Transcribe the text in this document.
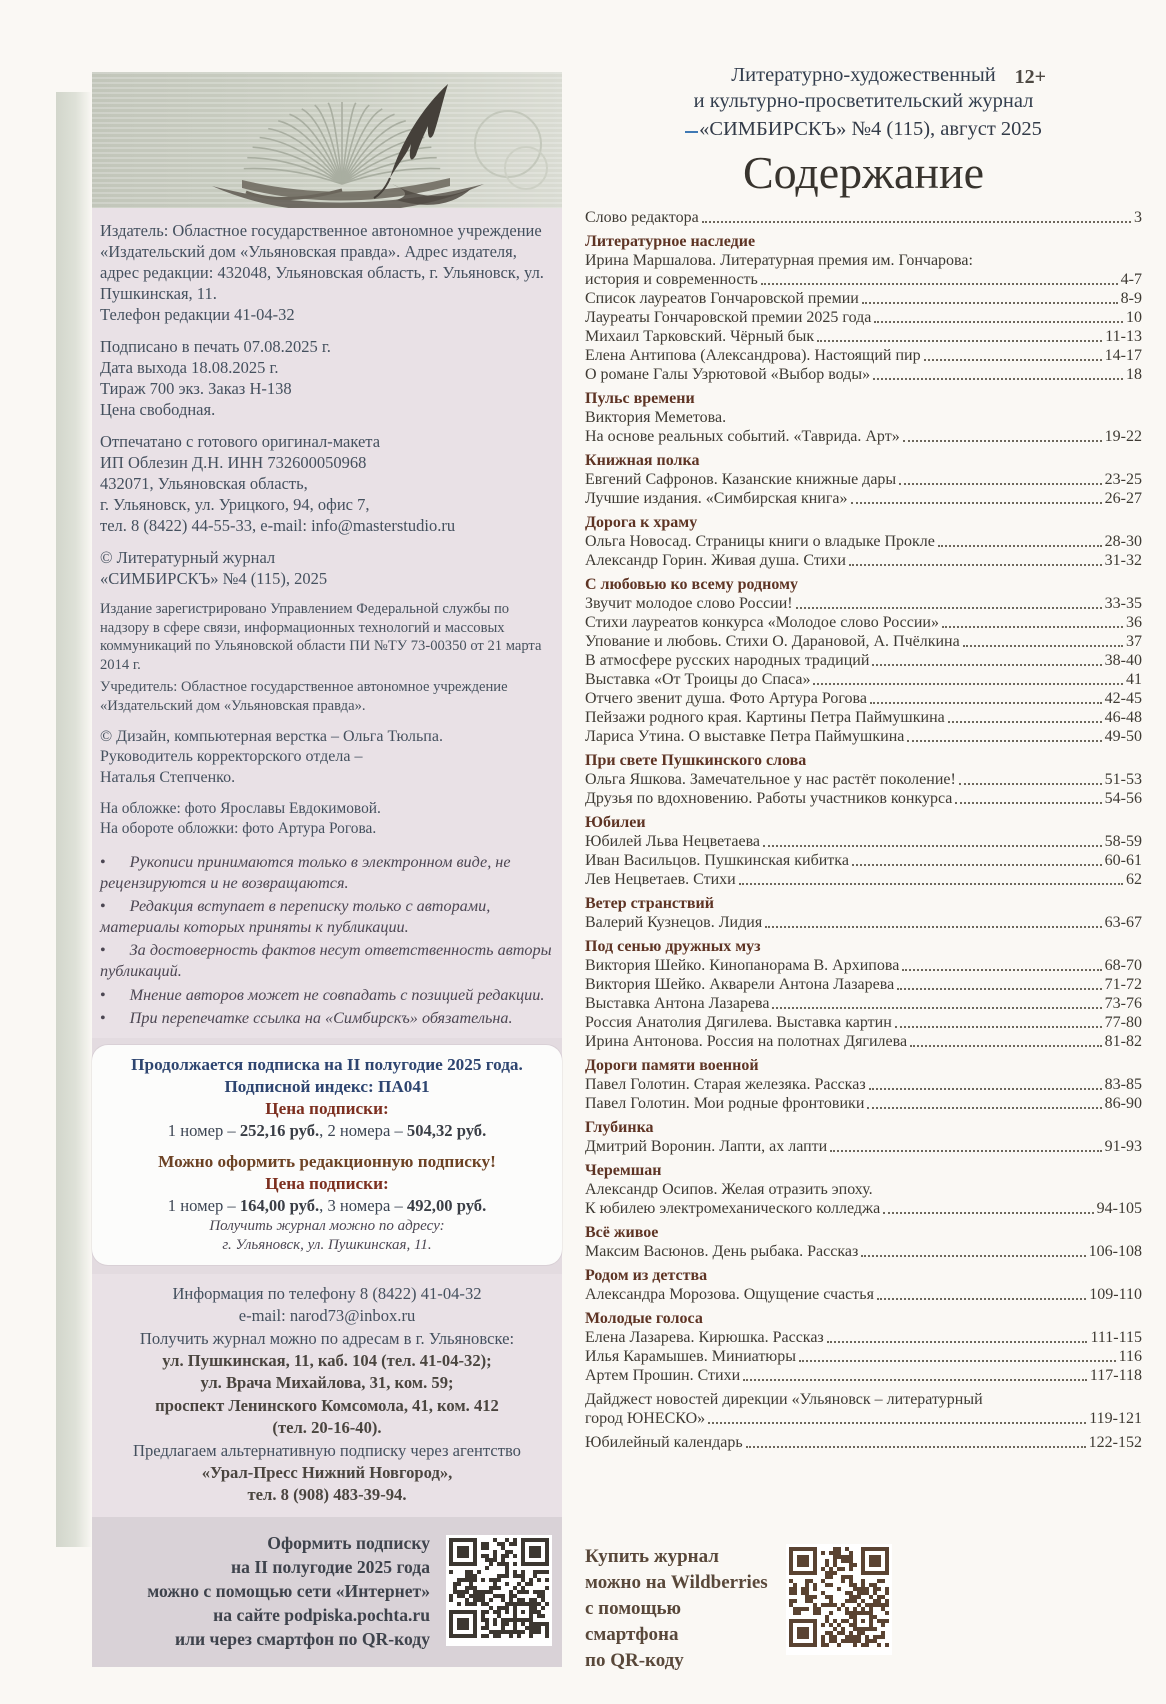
Издатель: Областное государственное автономное учреждение «Издательский дом «Ульяновская правда». Адрес издателя, адрес редакции: 432048, Ульяновская область, г. Ульяновск, ул. Пушкинская, 11.

Телефон редакции 41-04-32

Подписано в печать 07.08.2025 г.
Дата выхода 18.08.2025 г.
Тираж 700 экз. Заказ Н-138
Цена свободная.
Отпечатано с готового оригинал-макета
ИП Облезин Д.Н. ИНН 732600050968
432071, Ульяновская область,
г. Ульяновск, ул. Урицкого, 94, офис 7,
тел. 8 (8422) 44-55-33, e-mail: info@masterstudio.ru
© Литературный журнал
«СИМБИРСКЪ» №4 (115), 2025

Издание зарегистрировано Управлением Федеральной службы по надзору в сфере связи, информационных технологий и массовых коммуникаций по Ульяновской области ПИ №ТУ 73-00350 от 21 марта 2014 г.

Учредитель: Областное государственное автономное учреждение «Издательский дом «Ульяновская правда».

© Дизайн, компьютерная верстка – Ольга Тюльпа.
Руководитель корректорского отдела –
Наталья Степченко.
На обложке: фото Ярославы Евдокимовой.
На обороте обложки: фото Артура Рогова.
• Рукописи принимаются только в электронном виде, не рецензируются и не возвращаются.
• Редакция вступает в переписку только с авторами, материалы которых приняты к публикации.
• За достоверность фактов несут ответственность авторы публикаций.
• Мнение авторов может не совпадать с позицией редакции.
• При перепечатке ссылка на «Симбирскъ» обязательна.
Продолжается подписка на II полугодие 2025 года.
Подписной индекс: ПА041
Цена подписки:
1 номер – 252,16 руб., 2 номера – 504,32 руб.
Можно оформить редакционную подписку!
Цена подписки:
1 номер – 164,00 руб., 3 номера – 492,00 руб.
Получить журнал можно по адресу:
г. Ульяновск, ул. Пушкинская, 11.
Информация по телефону 8 (8422) 41-04-32
e-mail: narod73@inbox.ru
Получить журнал можно по адресам в г. Ульяновске:
ул. Пушкинская, 11, каб. 104 (тел. 41-04-32);
ул. Врача Михайлова, 31, ком. 59;
проспект Ленинского Комсомола, 41, ком. 412
(тел. 20-16-40).
Предлагаем альтернативную подписку через агентство
«Урал-Пресс Нижний Новгород»,
тел. 8 (908) 483-39-94.
Оформить подписку
на II полугодие 2025 года
можно с помощью сети «Интернет»
на сайте podpiska.pochta.ru
или через смартфон по QR-коду
12+
Литературно-художественный
и культурно-просветительский журнал
«СИМБИРСКЪ» №4 (115), август 2025
Содержание
Слово редактора	3
Литературное наследие
Ирина Маршалова. Литературная премия им. Гончарова:
история и современность	4-7
Список лауреатов Гончаровской премии	8-9
Лауреаты Гончаровской премии 2025 года	10
Михаил Тарковский. Чёрный бык	11-13
Елена Антипова (Александрова). Настоящий пир	14-17
О романе Галы Узрютовой «Выбор воды»	18
Пульс времени
Виктория Меметова.
На основе реальных событий. «Таврида. Арт»	19-22
Книжная полка
Евгений Сафронов. Казанские книжные дары	23-25
Лучшие издания. «Симбирская книга»	26-27
Дорога к храму
Ольга Новосад. Страницы книги о владыке Прокле	28-30
Александр Горин. Живая душа. Стихи	31-32
С любовью ко всему родному
Звучит молодое слово России!	33-35
Стихи лауреатов конкурса «Молодое слово России»	36
Упование и любовь. Стихи О. Дарановой, А. Пчёлкина	37
В атмосфере русских народных традиций	38-40
Выставка «От Троицы до Спаса»	41
Отчего звенит душа. Фото Артура Рогова	42-45
Пейзажи родного края. Картины Петра Паймушкина	46-48
Лариса Утина. О выставке Петра Паймушкина	49-50
При свете Пушкинского слова
Ольга Яшкова. Замечательное у нас растёт поколение!	51-53
Друзья по вдохновению. Работы участников конкурса	54-56
Юбилеи
Юбилей Льва Нецветаева	58-59
Иван Васильцов. Пушкинская кибитка	60-61
Лев Нецветаев. Стихи	62
Ветер странствий
Валерий Кузнецов. Лидия	63-67
Под сенью дружных муз
Виктория Шейко. Кинопанорама В. Архипова	68-70
Виктория Шейко. Акварели Антона Лазарева	71-72
Выставка Антона Лазарева	73-76
Россия Анатолия Дягилева. Выставка картин	77-80
Ирина Антонова. Россия на полотнах Дягилева	81-82
Дороги памяти военной
Павел Голотин. Старая железяка. Рассказ	83-85
Павел Голотин. Мои родные фронтовики	86-90
Глубинка
Дмитрий Воронин. Лапти, ах лапти	91-93
Черемшан
Александр Осипов. Желая отразить эпоху.
К юбилею электромеханического колледжа	94-105
Всё живое
Максим Васюнов. День рыбака. Рассказ	106-108
Родом из детства
Александра Морозова. Ощущение счастья	109-110
Молодые голоса
Елена Лазарева. Кирюшка. Рассказ	111-115
Илья Карамышев. Миниатюры	116
Артем Прошин. Стихи	117-118
Дайджест новостей дирекции «Ульяновск – литературный
город ЮНЕСКО»	119-121
Юбилейный календарь	122-152
Купить журнал
можно на Wildberries
с помощью
смартфона
по QR-коду
